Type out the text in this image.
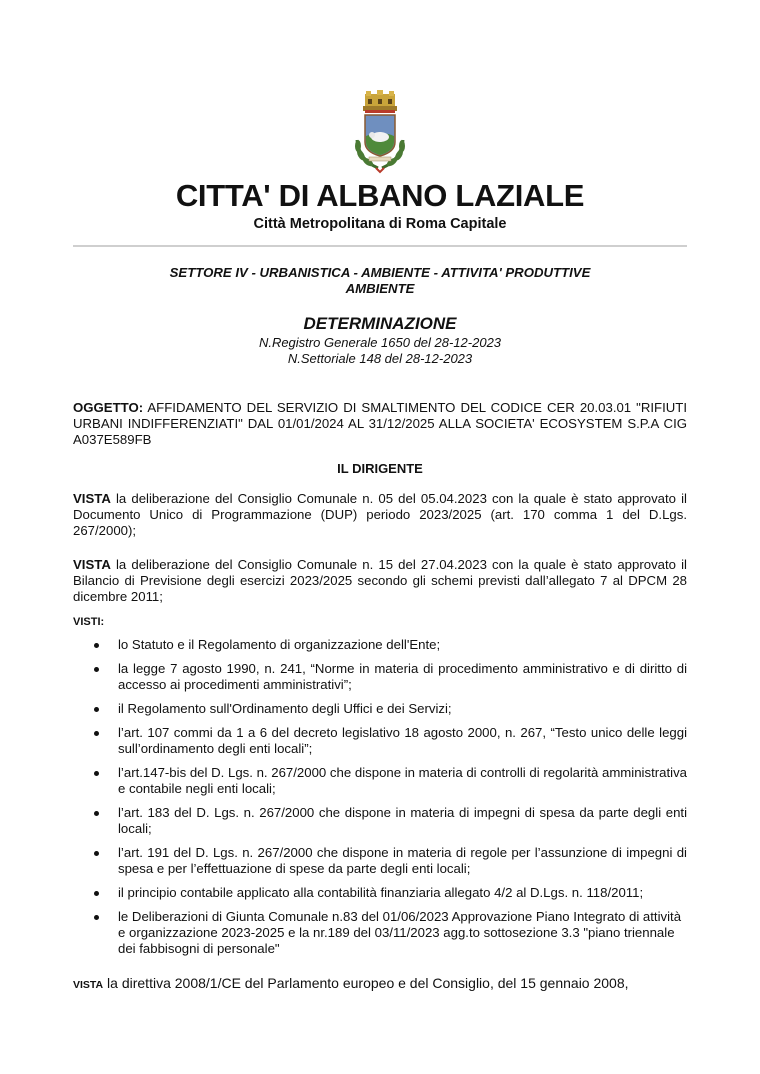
CITTA' DI ALBANO LAZIALE
Città Metropolitana di Roma Capitale
SETTORE IV - URBANISTICA - AMBIENTE - ATTIVITA' PRODUTTIVE
AMBIENTE
DETERMINAZIONE
N.Registro Generale 1650 del 28-12-2023
N.Settoriale 148 del 28-12-2023
OGGETTO: AFFIDAMENTO DEL SERVIZIO DI SMALTIMENTO DEL CODICE CER 20.03.01 "RIFIUTI URBANI INDIFFERENZIATI" DAL 01/01/2024 AL 31/12/2025 ALLA SOCIETA' ECOSYSTEM S.P.A CIG A037E589FB
IL DIRIGENTE
VISTA la deliberazione del Consiglio Comunale n. 05 del 05.04.2023 con la quale è stato approvato il Documento Unico di Programmazione (DUP) periodo 2023/2025 (art. 170 comma 1 del D.Lgs. 267/2000);
VISTA la deliberazione del Consiglio Comunale n. 15 del 27.04.2023 con la quale è stato approvato il Bilancio di Previsione degli esercizi 2023/2025 secondo gli schemi previsti dall’allegato 7 al DPCM 28 dicembre 2011;
VISTI:
lo Statuto e il Regolamento di organizzazione dell'Ente;
la legge 7 agosto 1990, n. 241, “Norme in materia di procedimento amministrativo e di diritto di accesso ai procedimenti amministrativi”;
il Regolamento sull'Ordinamento degli Uffici e dei Servizi;
l’art. 107 commi da 1 a 6 del decreto legislativo 18 agosto 2000, n. 267, “Testo unico delle leggi sull’ordinamento degli enti locali”;
l’art.147-bis del D. Lgs. n. 267/2000 che dispone in materia di controlli di regolarità amministrativa e contabile negli enti locali;
l’art. 183 del D. Lgs. n. 267/2000 che dispone in materia di impegni di spesa da parte degli enti locali;
l’art. 191 del D. Lgs. n. 267/2000 che dispone in materia di regole per l’assunzione di impegni di spesa e per l’effettuazione di spese da parte degli enti locali;
il principio contabile applicato alla contabilità finanziaria allegato 4/2 al D.Lgs. n. 118/2011;
le Deliberazioni di Giunta Comunale n.83 del 01/06/2023 Approvazione Piano Integrato di attività e organizzazione 2023-2025 e la nr.189 del 03/11/2023 agg.to sottosezione 3.3 "piano triennale dei fabbisogni di personale"
VISTA la direttiva 2008/1/CE del Parlamento europeo e del Consiglio, del 15 gennaio 2008,
